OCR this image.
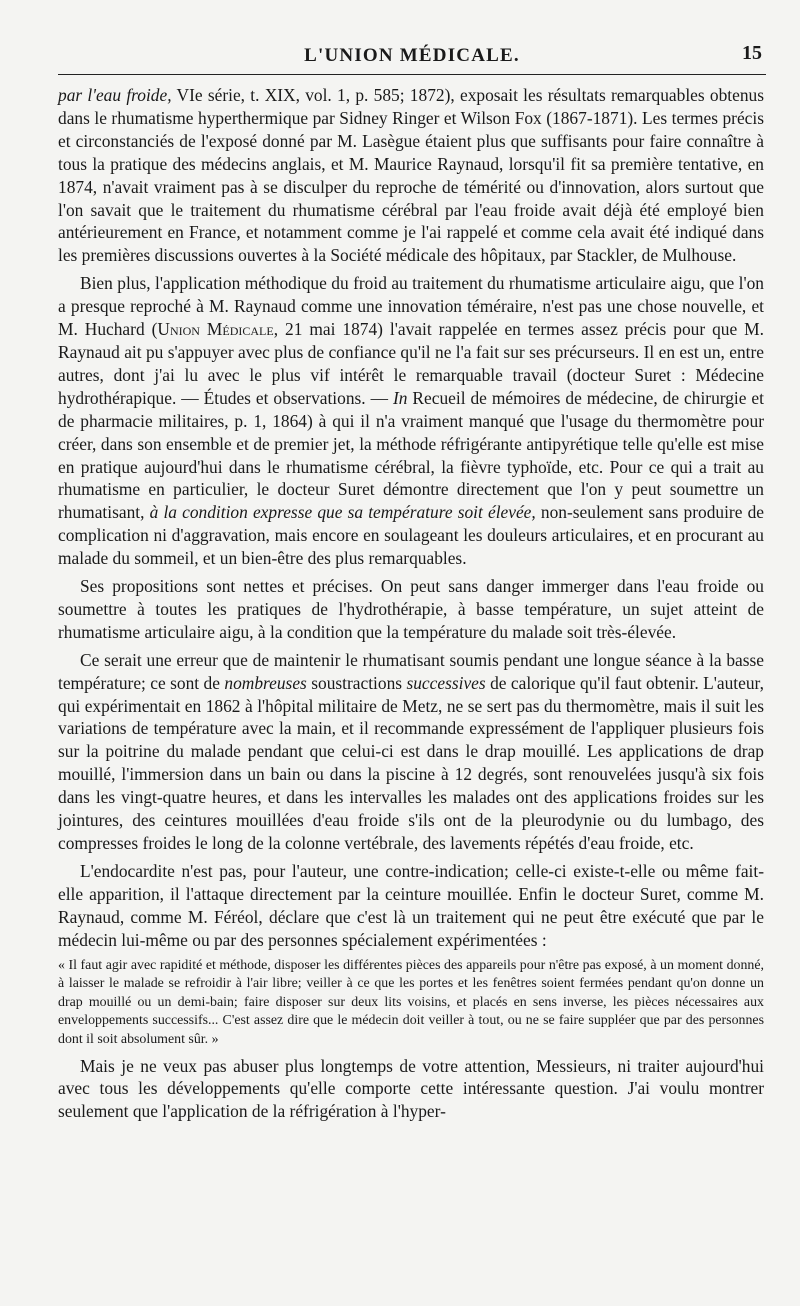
L'UNION MÉDICALE.	15

par l'eau froide, VIe série, t. XIX, vol. 1, p. 585; 1872), exposait les résultats remarquables obtenus dans le rhumatisme hyperthermique par Sidney Ringer et Wilson Fox (1867-1871). Les termes précis et circonstanciés de l'exposé donné par M. Lasègue étaient plus que suffisants pour faire connaître à tous la pratique des médecins anglais, et M. Maurice Raynaud, lorsqu'il fit sa première tentative, en 1874, n'avait vraiment pas à se disculper du reproche de témérité ou d'innovation, alors surtout que l'on savait que le traitement du rhumatisme cérébral par l'eau froide avait déjà été employé bien antérieurement en France, et notamment comme je l'ai rappelé et comme cela avait été indiqué dans les premières discussions ouvertes à la Société médicale des hôpitaux, par Stackler, de Mulhouse.

Bien plus, l'application méthodique du froid au traitement du rhumatisme articulaire aigu, que l'on a presque reproché à M. Raynaud comme une innovation téméraire, n'est pas une chose nouvelle, et M. Huchard (Union Médicale, 21 mai 1874) l'avait rappelée en termes assez précis pour que M. Raynaud ait pu s'appuyer avec plus de confiance qu'il ne l'a fait sur ses précurseurs. Il en est un, entre autres, dont j'ai lu avec le plus vif intérêt le remarquable travail (docteur Suret : Médecine hydrothérapique. — Études et observations. — In Recueil de mémoires de médecine, de chirurgie et de pharmacie militaires, p. 1, 1864) à qui il n'a vraiment manqué que l'usage du thermomètre pour créer, dans son ensemble et de premier jet, la méthode réfrigérante antipyrétique telle qu'elle est mise en pratique aujourd'hui dans le rhumatisme cérébral, la fièvre typhoïde, etc. Pour ce qui a trait au rhumatisme en particulier, le docteur Suret démontre directement que l'on y peut soumettre un rhumatisant, à la condition expresse que sa température soit élevée, non-seulement sans produire de complication ni d'aggravation, mais encore en soulageant les douleurs articulaires, et en procurant au malade du sommeil, et un bien-être des plus remarquables.

Ses propositions sont nettes et précises. On peut sans danger immerger dans l'eau froide ou soumettre à toutes les pratiques de l'hydrothérapie, à basse température, un sujet atteint de rhumatisme articulaire aigu, à la condition que la température du malade soit très-élevée.

Ce serait une erreur que de maintenir le rhumatisant soumis pendant une longue séance à la basse température; ce sont de nombreuses soustractions successives de calorique qu'il faut obtenir. L'auteur, qui expérimentait en 1862 à l'hôpital militaire de Metz, ne se sert pas du thermomètre, mais il suit les variations de température avec la main, et il recommande expressément de l'appliquer plusieurs fois sur la poitrine du malade pendant que celui-ci est dans le drap mouillé. Les applications de drap mouillé, l'immersion dans un bain ou dans la piscine à 12 degrés, sont renouvelées jusqu'à six fois dans les vingt-quatre heures, et dans les intervalles les malades ont des applications froides sur les jointures, des ceintures mouillées d'eau froide s'ils ont de la pleurodynie ou du lumbago, des compresses froides le long de la colonne vertébrale, des lavements répétés d'eau froide, etc.

L'endocardite n'est pas, pour l'auteur, une contre-indication; celle-ci existe-t-elle ou même fait-elle apparition, il l'attaque directement par la ceinture mouillée. Enfin le docteur Suret, comme M. Raynaud, comme M. Féréol, déclare que c'est là un traitement qui ne peut être exécuté que par le médecin lui-même ou par des personnes spécialement expérimentées :

« Il faut agir avec rapidité et méthode, disposer les différentes pièces des appareils pour n'être pas exposé, à un moment donné, à laisser le malade se refroidir à l'air libre; veiller à ce que les portes et les fenêtres soient fermées pendant qu'on donne un drap mouillé ou un demi-bain; faire disposer sur deux lits voisins, et placés en sens inverse, les pièces nécessaires aux enveloppements successifs... C'est assez dire que le médecin doit veiller à tout, ou ne se faire suppléer que par des personnes dont il soit absolument sûr. »

Mais je ne veux pas abuser plus longtemps de votre attention, Messieurs, ni traiter aujourd'hui avec tous les développements qu'elle comporte cette intéressante question. J'ai voulu montrer seulement que l'application de la réfrigération à l'hyper-
